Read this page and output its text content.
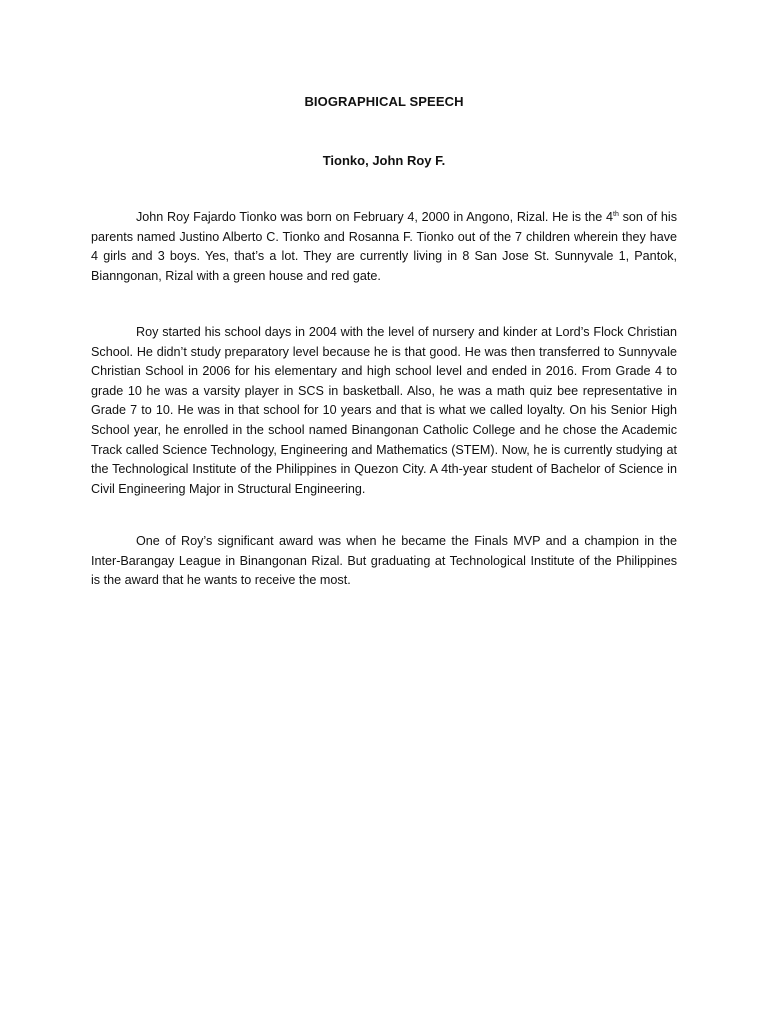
BIOGRAPHICAL SPEECH
Tionko, John Roy F.

John Roy Fajardo Tionko was born on February 4, 2000 in Angono, Rizal. He is the 4th son of his parents named Justino Alberto C. Tionko and Rosanna F. Tionko out of the 7 children wherein they have 4 girls and 3 boys. Yes, that’s a lot. They are currently living in 8 San Jose St. Sunnyvale 1, Pantok, Bianngonan, Rizal with a green house and red gate.

Roy started his school days in 2004 with the level of nursery and kinder at Lord’s Flock Christian School. He didn’t study preparatory level because he is that good. He was then transferred to Sunnyvale Christian School in 2006 for his elementary and high school level and ended in 2016. From Grade 4 to grade 10 he was a varsity player in SCS in basketball. Also, he was a math quiz bee representative in Grade 7 to 10. He was in that school for 10 years and that is what we called loyalty. On his Senior High School year, he enrolled in the school named Binangonan Catholic College and he chose the Academic Track called Science Technology, Engineering and Mathematics (STEM). Now, he is currently studying at the Technological Institute of the Philippines in Quezon City. A 4th-year student of Bachelor of Science in Civil Engineering Major in Structural Engineering.

One of Roy’s significant award was when he became the Finals MVP and a champion in the Inter-Barangay League in Binangonan Rizal. But graduating at Technological Institute of the Philippines is the award that he wants to receive the most.
